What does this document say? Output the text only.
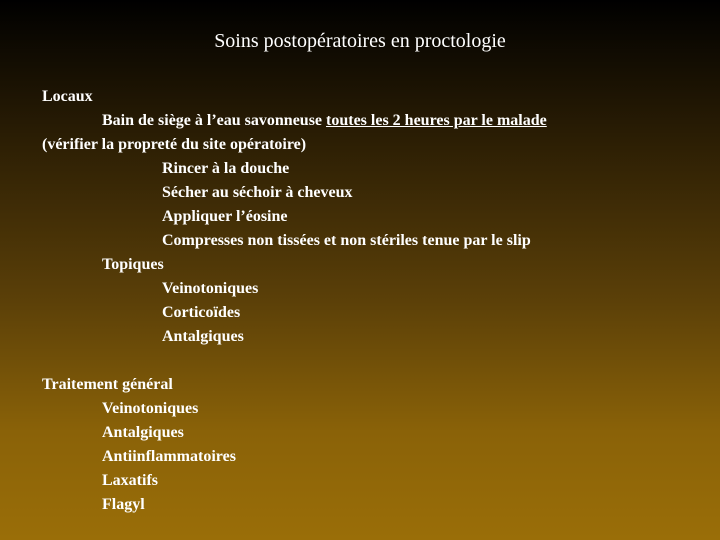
Soins postopératoires en proctologie
Locaux
Bain de siège à l’eau savonneuse toutes les 2 heures par le malade
(vérifier la propreté du site opératoire)
Rincer à la douche
Sécher au séchoir à cheveux
Appliquer l’éosine
Compresses non tissées et non stériles tenue par le slip
Topiques
Veinotoniques
Corticoïdes
Antalgiques
Traitement général
Veinotoniques
Antalgiques
Antiinflammatoires
Laxatifs
Flagyl
